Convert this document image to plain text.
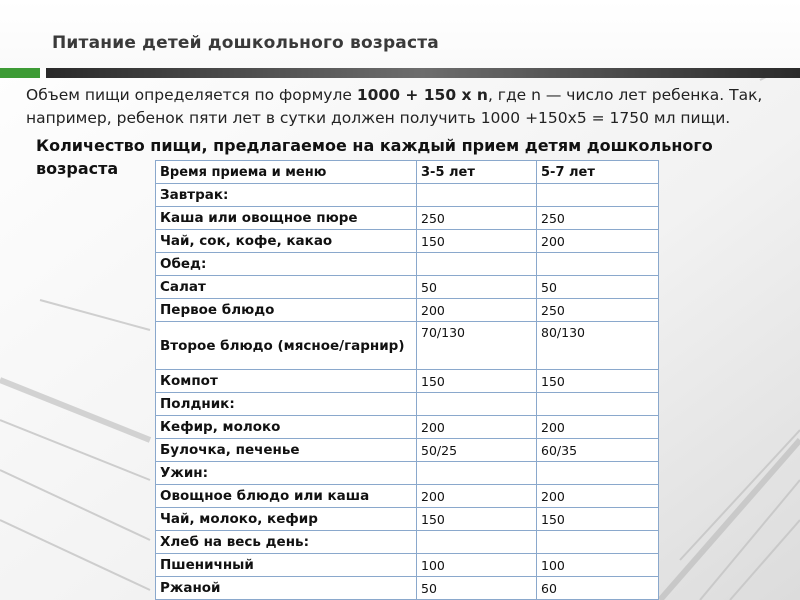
Питание детей дошкольного возраста
Объем пищи определяется по формуле 1000 + 150 х n, где n — число лет ребенка. Так, например, ребенок пяти лет в сутки должен получить 1000 +150х5 = 1750 мл пищи.
Количество пищи, предлагаемое на каждый прием детям дошкольного возраста	Время приема и меню	3-5 лет	5-7 лет
Завтрак:		
Каша или овощное пюре	250	250
Чай, сок, кофе, какао	150	200
Обед:		
Салат	50	50
Первое блюдо	200	250
Второе блюдо (мясное/гарнир)	70/130	80/130
Компот	150	150
Полдник:		
Кефир, молоко	200	200
Булочка, печенье	50/25	60/35
Ужин:		
Овощное блюдо или каша	200	200
Чай, молоко, кефир	150	150
Хлеб на весь день:		
Пшеничный	100	100
Ржаной	50	60
